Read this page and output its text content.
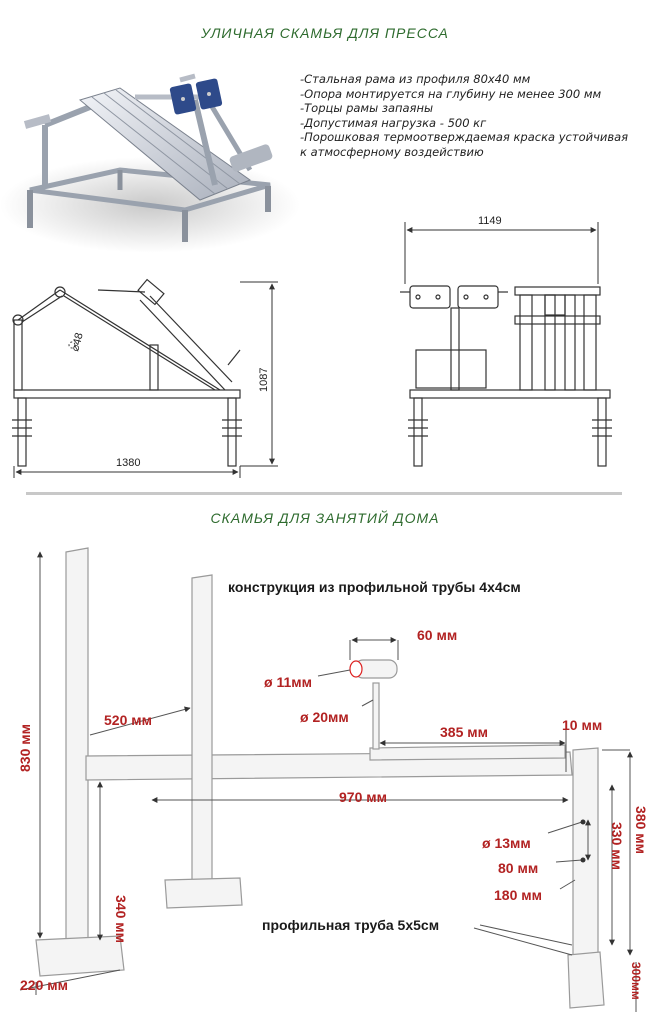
УЛИЧНАЯ СКАМЬЯ ДЛЯ ПРЕССА
-Стальная рама из профиля 80х40 мм
-Опора монтируется на глубину не менее 300 мм
-Торцы рамы запаяны
-Допустимая нагрузка - 500 кг
-Порошковая термоотверждаемая краска устойчивая
к атмосферному воздействию
СКАМЬЯ ДЛЯ ЗАНЯТИЙ ДОМА
⌀48
1087
1380
1149
конструкция из профильной трубы 4х4см
60 мм
ø 11мм
ø 20мм
385 мм	10 мм
520 мм
970 мм
ø 13мм
80 мм
180 мм
профильная труба 5х5см
830 мм
340 мм
380 мм
330 мм
220 мм	300мм
